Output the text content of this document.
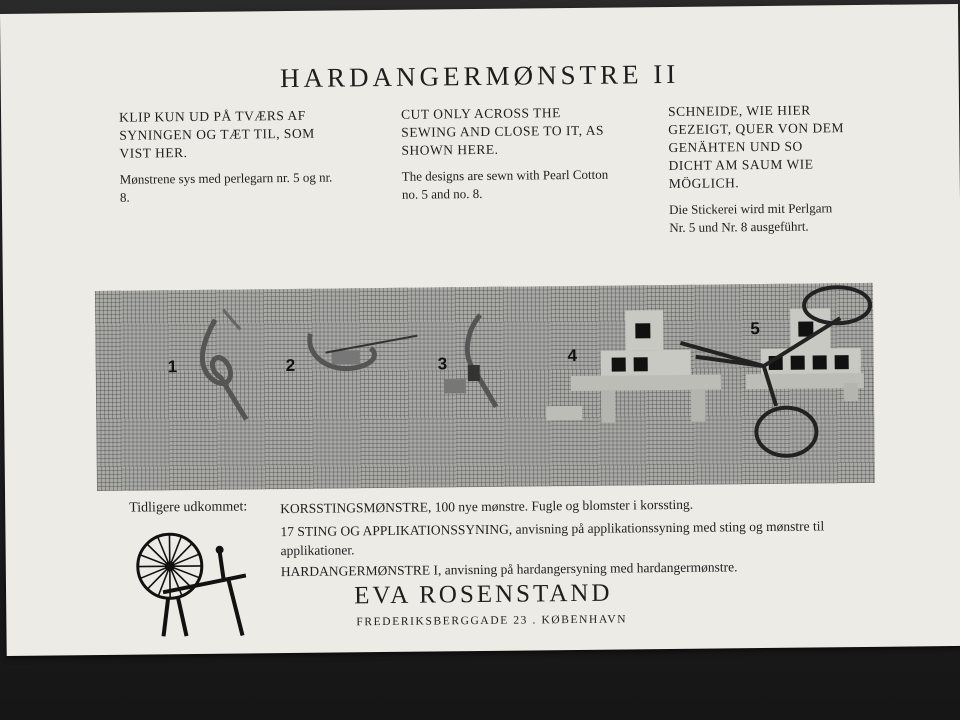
HARDANGERMØNSTRE II
KLIP KUN UD PÅ TVÆRS AF SYNINGEN OG TÆT TIL, SOM VIST HER.
Mønstrene sys med perlegarn nr. 5 og nr. 8.
CUT ONLY ACROSS THE SEWING AND CLOSE TO IT, AS SHOWN HERE.
The designs are sewn with Pearl Cotton no. 5 and no. 8.
SCHNEIDE, WIE HIER GEZEIGT, QUER VON DEM GENÄHTEN UND SO DICHT AM SAUM WIE MÖGLICH.
Die Stickerei wird mit Perlgarn Nr. 5 und Nr. 8 ausgeführt.
1	2	3	4
5
Tidligere udkommet: KORSSTINGSMØNSTRE, 100 nye mønstre. Fugle og blomster i korssting.
17 STING OG APPLIKATIONSSYNING, anvisning på applikationssyning med sting og mønstre til applikationer.
HARDANGERMØNSTRE I, anvisning på hardangersyning med hardangermønstre.
EVA ROSENSTAND
FREDERIKSBERGGADE 23 . KØBENHAVN
